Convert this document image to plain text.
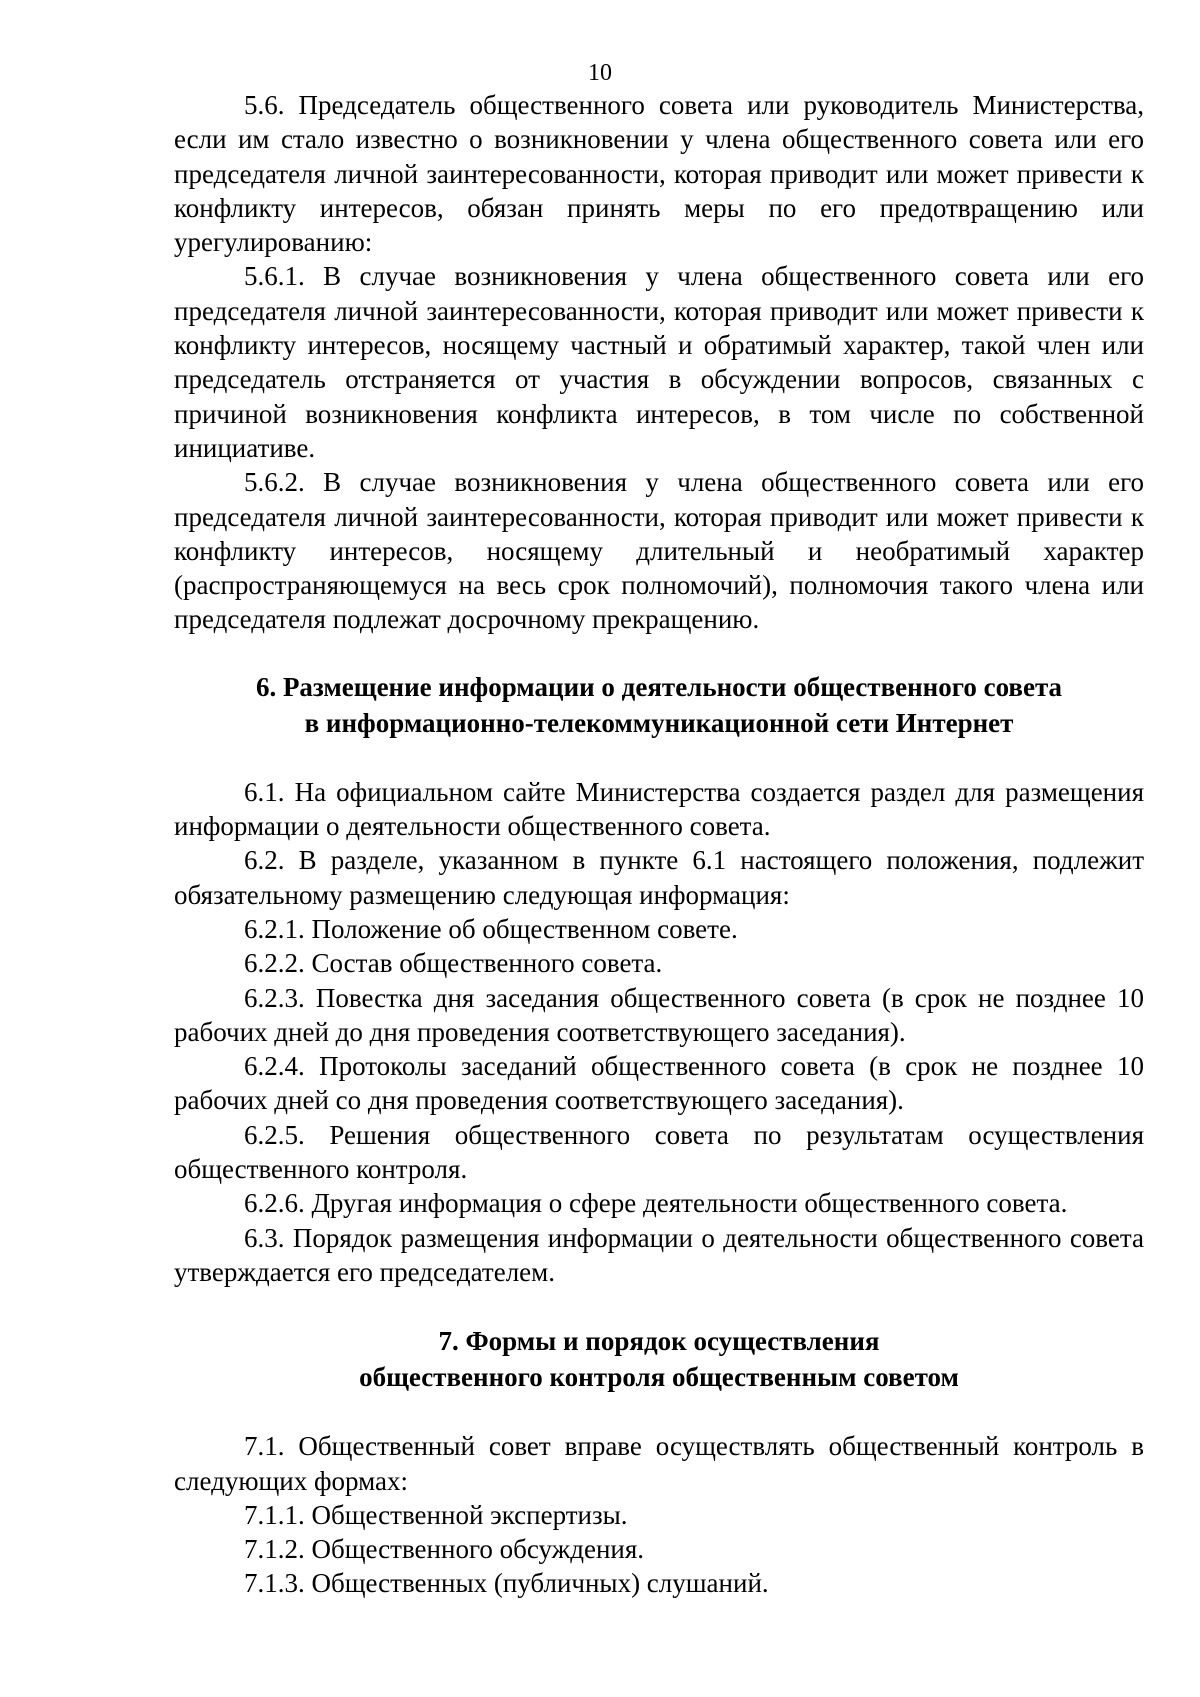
10

5.6. Председатель общественного совета или руководитель Министерства, если им стало известно о возникновении у члена общественного совета или его председателя личной заинтересованности, которая приводит или может привести к конфликту интересов, обязан принять меры по его предотвращению или урегулированию:

5.6.1. В случае возникновения у члена общественного совета или его председателя личной заинтересованности, которая приводит или может привести к конфликту интересов, носящему частный и обратимый характер, такой член или председатель отстраняется от участия в обсуждении вопросов, связанных с причиной возникновения конфликта интересов, в том числе по собственной инициативе.

5.6.2. В случае возникновения у члена общественного совета или его председателя личной заинтересованности, которая приводит или может привести к конфликту интересов, носящему длительный и необратимый характер (распространяющемуся на весь срок полномочий), полномочия такого члена или председателя подлежат досрочному прекращению.

6. Размещение информации о деятельности общественного совета
в информационно-телекоммуникационной сети Интернет

6.1. На официальном сайте Министерства создается раздел для размещения информации о деятельности общественного совета.

6.2. В разделе, указанном в пункте 6.1 настоящего положения, подлежит обязательному размещению следующая информация:

6.2.1. Положение об общественном совете.

6.2.2. Состав общественного совета.

6.2.3. Повестка дня заседания общественного совета (в срок не позднее 10 рабочих дней до дня проведения соответствующего заседания).

6.2.4. Протоколы заседаний общественного совета (в срок не позднее 10 рабочих дней со дня проведения соответствующего заседания).

6.2.5. Решения общественного совета по результатам осуществления общественного контроля.

6.2.6. Другая информация о сфере деятельности общественного совета.

6.3. Порядок размещения информации о деятельности общественного совета утверждается его председателем.

7. Формы и порядок осуществления
общественного контроля общественным советом

7.1. Общественный совет вправе осуществлять общественный контроль в следующих формах:

7.1.1. Общественной экспертизы.

7.1.2. Общественного обсуждения.

7.1.3. Общественных (публичных) слушаний.
